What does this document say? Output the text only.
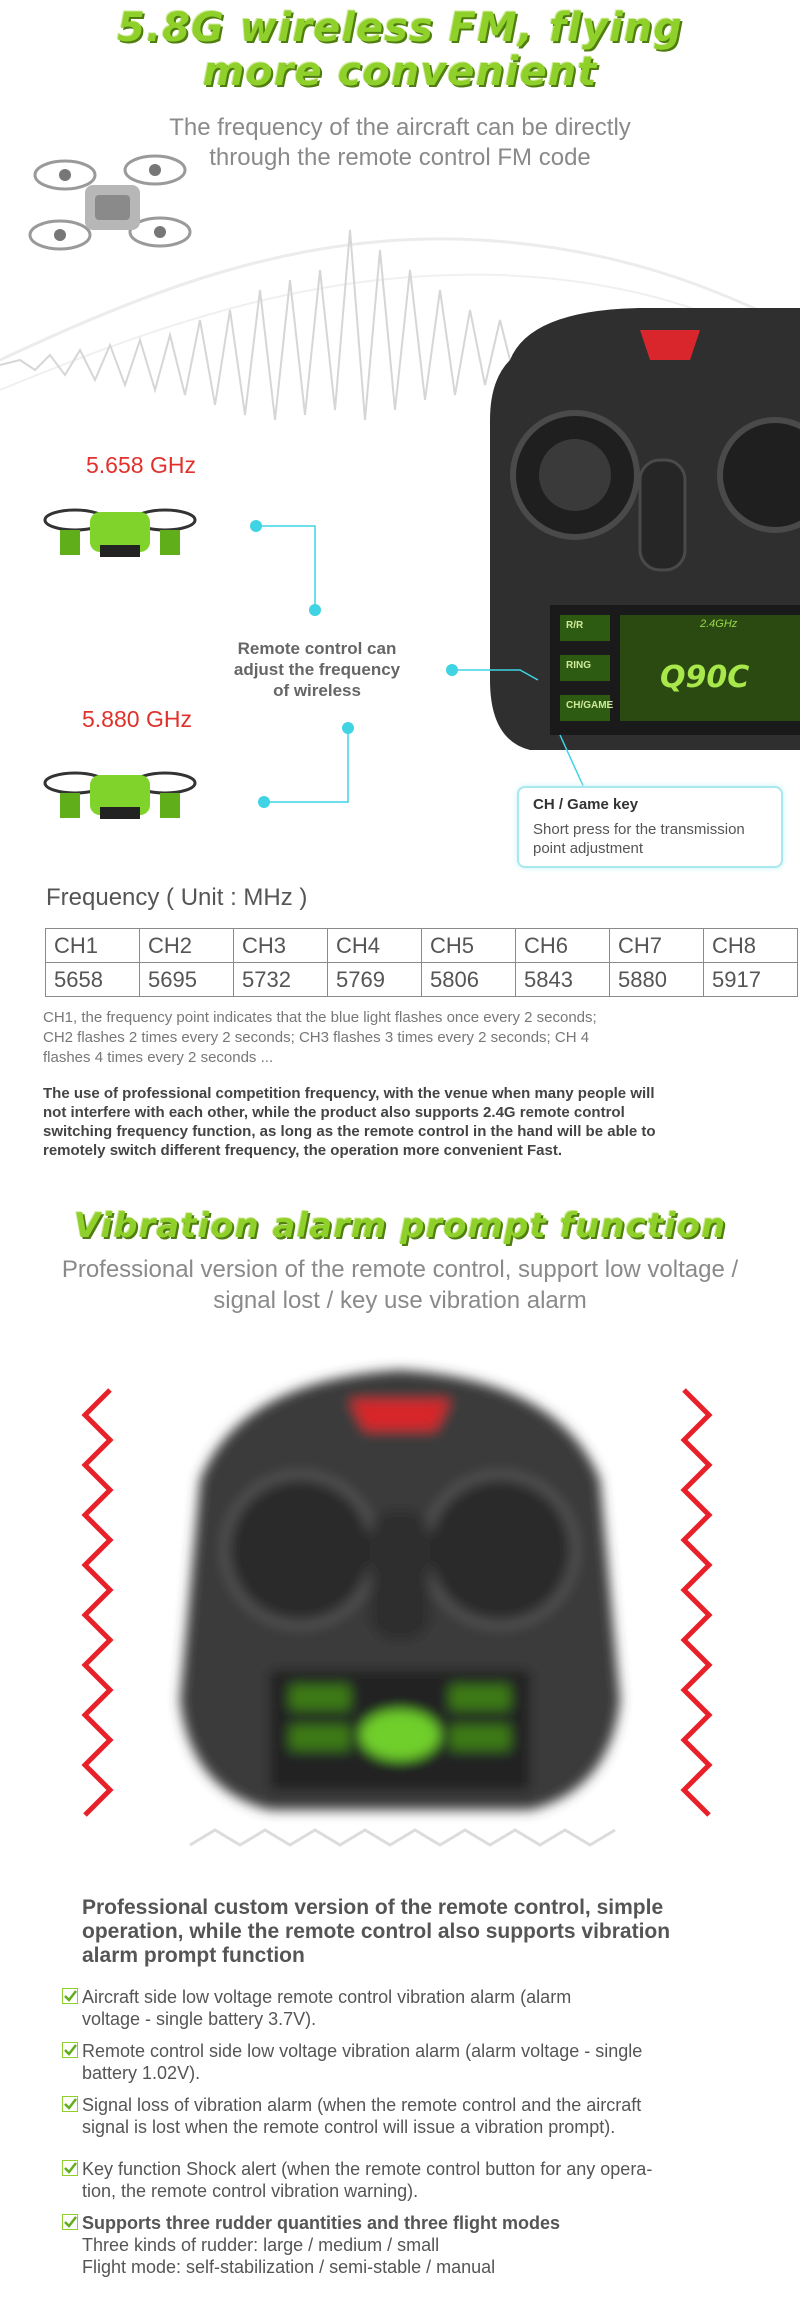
5.8G wireless FM, flying
more convenient
The frequency of the aircraft can be directly
through the remote control FM code
R/R
RING
CH/GAME
2.4GHz
Q90C
5.658 GHz
5.880 GHz
Remote control can
adjust the frequency
of wireless
CH / Game key
Short press for the transmission
point adjustment
Frequency ( Unit : MHz )
CH1	CH2	CH3	CH4	CH5	CH6	CH7	CH8
5658	5695	5732	5769	5806	5843	5880	5917
CH1, the frequency point indicates that the blue light flashes once every 2 seconds;
CH2 flashes 2 times every 2 seconds; CH3 flashes 3 times every 2 seconds; CH 4
flashes 4 times every 2 seconds ...
The use of professional competition frequency, with the venue when many people will
not interfere with each other, while the product also supports 2.4G remote control
switching frequency function, as long as the remote control in the hand will be able to
remotely switch different frequency, the operation more convenient Fast.
Vibration alarm prompt function
Professional version of the remote control, support low voltage /
signal lost / key use vibration alarm
Professional custom version of the remote control, simple
operation, while the remote control also supports vibration
alarm prompt function
Aircraft side low voltage remote control vibration alarm (alarm
voltage - single battery 3.7V).
Remote control side low voltage vibration alarm (alarm voltage - single
battery 1.02V).
Signal loss of vibration alarm (when the remote control and the aircraft
signal is lost when the remote control will issue a vibration prompt).
Key function Shock alert (when the remote control button for any opera-
tion, the remote control vibration warning).
Supports three rudder quantities and three flight modes
Three kinds of rudder: large / medium / small
Flight mode: self-stabilization / semi-stable / manual
